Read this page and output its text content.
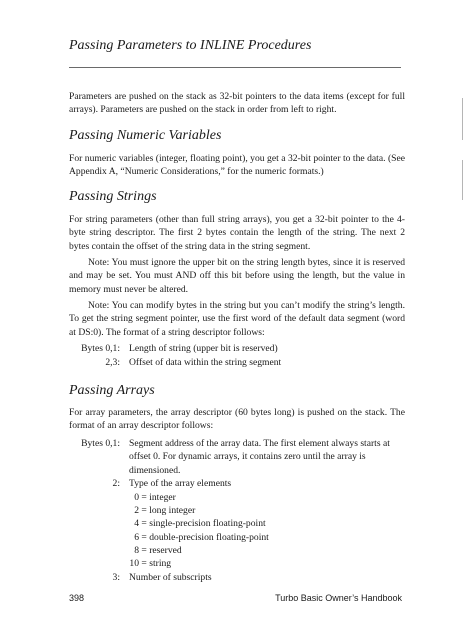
Passing Parameters to INLINE Procedures

Parameters are pushed on the stack as 32-bit pointers to the data items (except for full arrays). Parameters are pushed on the stack in order from left to right.

Passing Numeric Variables

For numeric variables (integer, floating point), you get a 32-bit pointer to the data. (See Appendix A, “Numeric Considerations,” for the numeric formats.)

Passing Strings

For string parameters (other than full string arrays), you get a 32-bit pointer to the 4-byte string descriptor. The first 2 bytes contain the length of the string. The next 2 bytes contain the offset of the string data in the string segment.

Note: You must ignore the upper bit on the string length bytes, since it is reserved and may be set. You must AND off this bit before using the length, but the value in memory must never be altered.

Note: You can modify bytes in the string but you can’t modify the string’s length. To get the string segment pointer, use the first word of the default data segment (word at DS:0). The format of a string descriptor follows:

Bytes 0,1: Length of string (upper bit is reserved)
2,3: Offset of data within the string segment
Passing Arrays

For array parameters, the array descriptor (60 bytes long) is pushed on the stack. The format of an array descriptor follows:

Bytes 0,1: Segment address of the array data. The first element always starts at offset 0. For dynamic arrays, it contains zero until the array is dimensioned.
2: Type of the array elements
0 = integer
2 = long integer
4 = single-precision floating-point
6 = double-precision floating-point
8 = reserved
10 = string
3: Number of subscripts
398	Turbo Basic Owner’s Handbook
